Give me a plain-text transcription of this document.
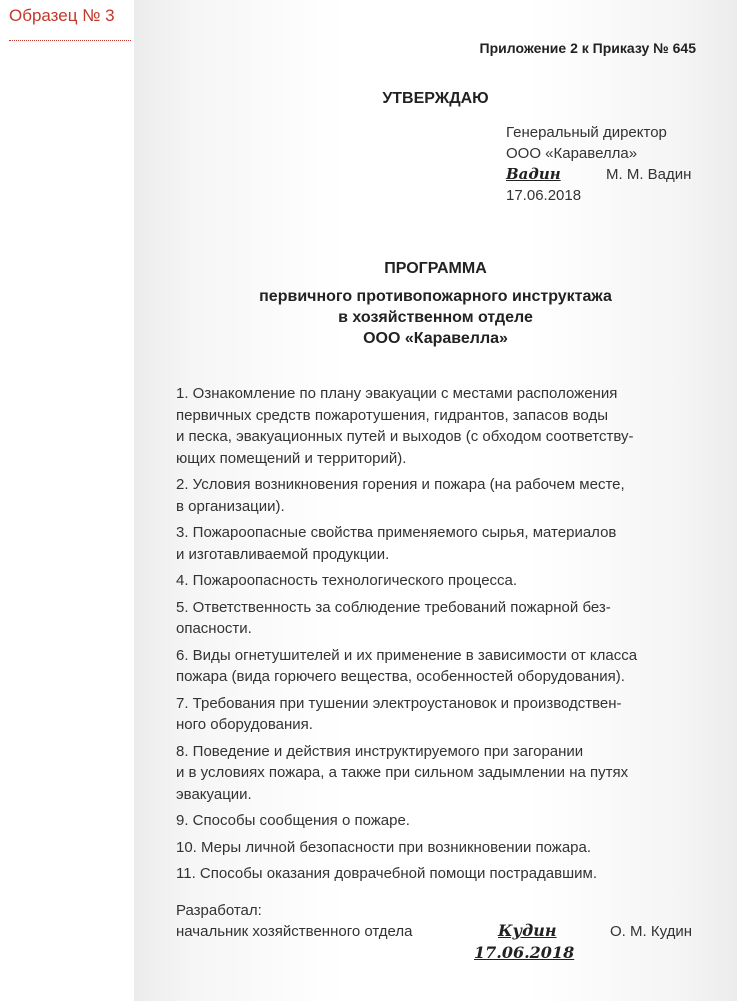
Образец № 3
Приложение 2 к Приказу № 645
УТВЕРЖДАЮ
Генеральный директор
ООО «Каравелла»
Вадин	М. М. Вадин
17.06.2018
ПРОГРАММА
первичного противопожарного инструктажа
в хозяйственном отделе
ООО «Каравелла»
1. Ознакомление по плану эвакуации с местами расположения
первичных средств пожаротушения, гидрантов, запасов воды
и песка, эвакуационных путей и выходов (с обходом соответству-
ющих помещений и территорий).
2. Условия возникновения горения и пожара (на рабочем месте,
в организации).
3. Пожароопасные свойства применяемого сырья, материалов
и изготавливаемой продукции.
4. Пожароопасность технологического процесса.
5. Ответственность за соблюдение требований пожарной без-
опасности.
6. Виды огнетушителей и их применение в зависимости от класса
пожара (вида горючего вещества, особенностей оборудования).
7. Требования при тушении электроустановок и производствен-
ного оборудования.
8. Поведение и действия инструктируемого при загорании
и в условиях пожара, а также при сильном задымлении на путях
эвакуации.
9. Способы сообщения о пожаре.
10. Меры личной безопасности при возникновении пожара.
11. Способы оказания доврачебной помощи пострадавшим.
Разработал:
начальник хозяйственного отдела	Кудин
17.06.2018
О. М. Кудин
